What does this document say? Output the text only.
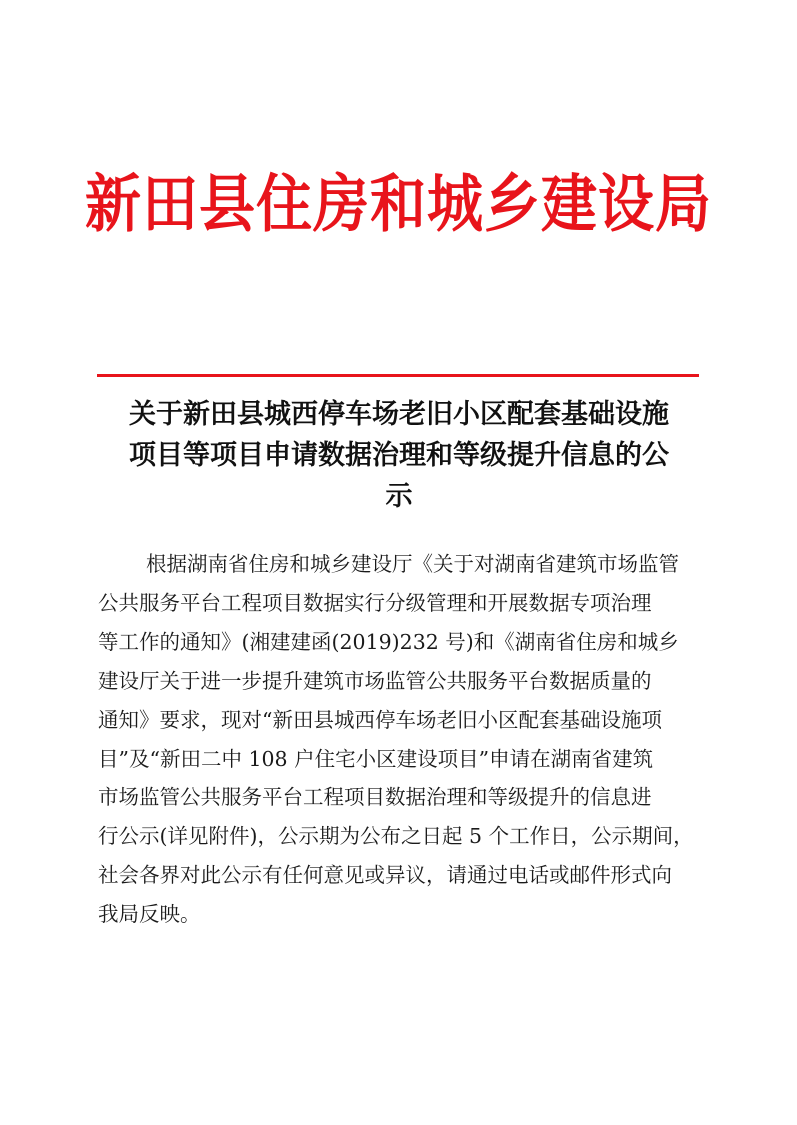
新田县住房和城乡建设局
关于新田县城西停车场老旧小区配套基础设施
项目等项目申请数据治理和等级提升信息的公
示
根据湖南省住房和城乡建设厅《关于对湖南省建筑市场监管
公共服务平台工程项目数据实行分级管理和开展数据专项治理
等工作的通知》(湘建建函(2019)232 号)和《湖南省住房和城乡
建设厅关于进一步提升建筑市场监管公共服务平台数据质量的
通知》要求，现对“新田县城西停车场老旧小区配套基础设施项
目”及“新田二中 108 户住宅小区建设项目”申请在湖南省建筑
市场监管公共服务平台工程项目数据治理和等级提升的信息进
行公示(详见附件)，公示期为公布之日起 5 个工作日，公示期间，
社会各界对此公示有任何意见或异议，请通过电话或邮件形式向
我局反映。
